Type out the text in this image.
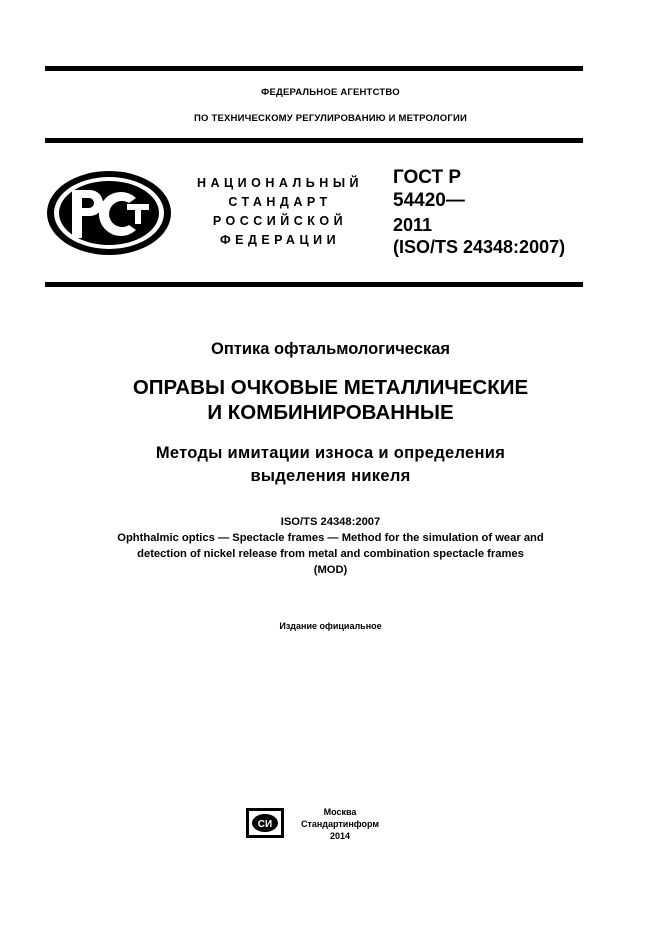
ФЕДЕРАЛЬНОЕ АГЕНТСТВО
ПО ТЕХНИЧЕСКОМУ РЕГУЛИРОВАНИЮ И МЕТРОЛОГИИ
НАЦИОНАЛЬНЫЙ
СТАНДАРТ
РОССИЙСКОЙ
ФЕДЕРАЦИИ
ГОСТ Р
54420—
2011
(ISO/TS 24348:2007)
Оптика офтальмологическая
ОПРАВЫ ОЧКОВЫЕ МЕТАЛЛИЧЕСКИЕ
И КОМБИНИРОВАННЫЕ
Методы имитации износа и определения
выделения никеля
ISO/TS 24348:2007
Ophthalmic optics — Spectacle frames — Method for the simulation of wear and
detection of nickel release from metal and combination spectacle frames
(MOD)
Издание официальное
СИ
Москва
Стандартинформ
2014
